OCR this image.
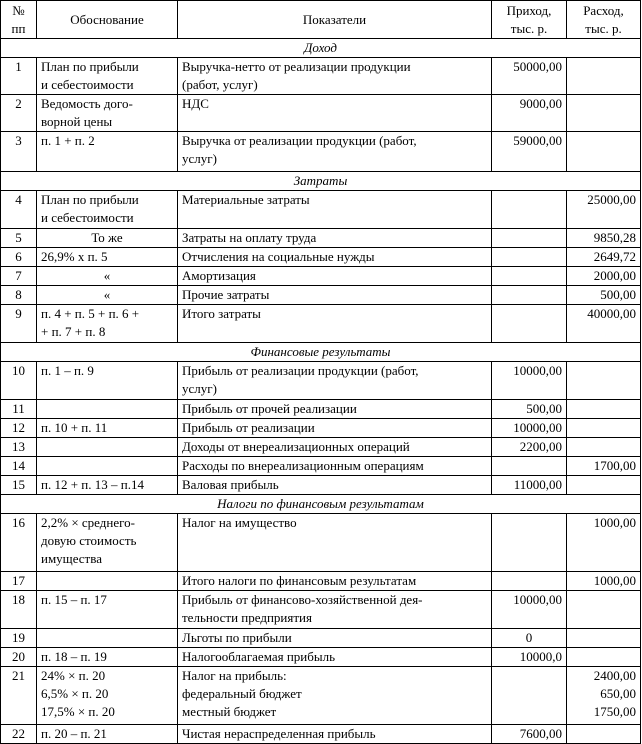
№
пп	Обоснование	Показатели	Приход,
тыс. р.	Расход,
тыс. р.

Доход				
1	План по прибыли
и себестоимости	Выручка-нетто от реализации продукции
(работ, услуг)	50000,00	
2	Ведомость дого-
ворной цены	НДС	9000,00	
3	п. 1 + п. 2	Выручка от реализации продукции (работ,
услуг)	59000,00	
Затраты				
4	План по прибыли
и себестоимости	Материальные затраты		25000,00
5	То же	Затраты на оплату труда		9850,28
6	26,9% х п. 5	Отчисления на социальные нужды		2649,72
7	«	Амортизация		2000,00
8	«	Прочие затраты		500,00
9	п. 4 + п. 5 + п. 6 +
+ п. 7 + п. 8	Итого затраты		40000,00
Финансовые результаты				
10	п. 1 – п. 9	Прибыль от реализации продукции (работ,
услуг)	10000,00	
11		Прибыль от прочей реализации	500,00	
12	п. 10 + п. 11	Прибыль от реализации	10000,00	
13		Доходы от внереализационных операций	2200,00	
14		Расходы по внереализационным операциям		1700,00
15	п. 12 + п. 13 – п.14	Валовая прибыль	11000,00	
Налоги по финансовым результатам				
16	2,2% × среднего-
довую стоимость
имущества	Налог на имущество		1000,00
17		Итого налоги по финансовым результатам		1000,00
18	п. 15 – п. 17	Прибыль от финансово-хозяйственной дея-
тельности предприятия	10000,00	
19		Льготы по прибыли	0	
20	п. 18 – п. 19	Налогооблагаемая прибыль	10000,0	
21	24% × п. 20
6,5% × п. 20
17,5% × п. 20	Налог на прибыль:
федеральный бюджет
местный бюджет		2400,00
650,00
1750,00

22	п. 20 – п. 21	Чистая нераспределенная прибыль	7600,00	
